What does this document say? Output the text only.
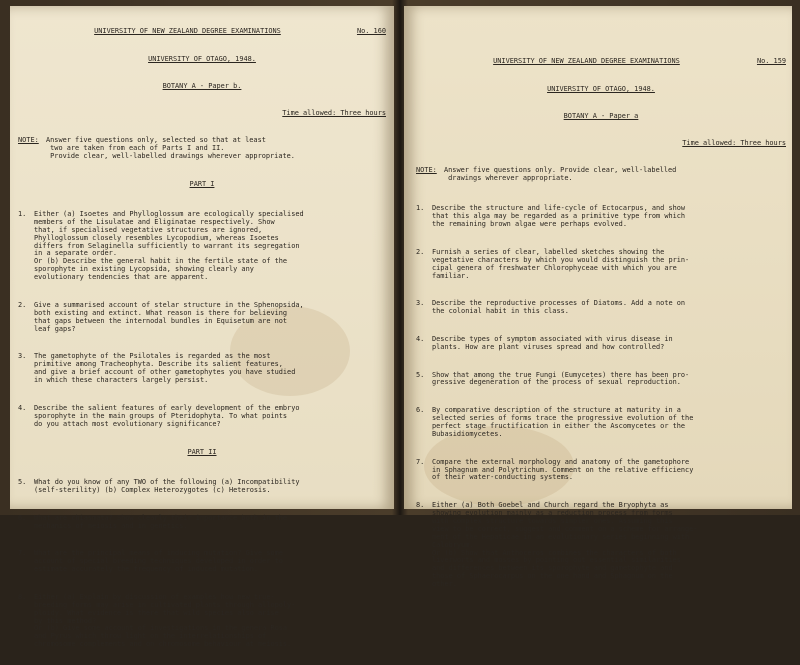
UNIVERSITY OF NEW ZEALAND DEGREE EXAMINATIONS	No. 160

UNIVERSITY OF OTAGO, 1948.

BOTANY A - Paper b.

Time allowed: Three hours

NOTE:	Answer five questions only, selected so that at least
two are taken from each of Parts I and II.
Provide clear, well-labelled drawings wherever appropriate.

PART I

1.	Either (a) Isoetes and Phylloglossum are ecologically specialised
members of the Lisulatae and Eliginatae respectively. Show
that, if specialised vegetative structures are ignored,
Phylloglossum closely resembles Lycopodium, whereas Isoetes
differs from Selaginella sufficiently to warrant its segregation
in a separate order.
Or (b) Describe the general habit in the fertile state of the
sporophyte in existing Lycopsida, showing clearly any
evolutionary tendencies that are apparent.

2.	Give a summarised account of stelar structure in the Sphenopsida,
both existing and extinct. What reason is there for believing
that gaps between the internodal bundles in Equisetum are not
leaf gaps?

3.	The gametophyte of the Psilotales is regarded as the most
primitive among Tracheophyta. Describe its salient features,
and give a brief account of other gametophytes you have studied
in which these characters largely persist.

4.	Describe the salient features of early development of the embryo
sporophyte in the main groups of Pteridophyta. To what points
do you attach most evolutionary significance?

PART II

5.	What do you know of any TWO of the following (a) Incompatibility
(self-sterility) (b) Complex Heterozygotes (c) Heterosis.

6.	What are chiasmata? Show clearly their importance both in the
mechanics of meiosis and in genetics.

7.	What are the principal means of inducing mutation? Give some
account of special breeding techniques developed in order to
estimate accurately the frequency of induced mutation.

8.	Either (a) Explain by discussion of examples how new true-
breeding forms may arise in cultivated plants through allopoly-
ploidy. What evidence is there that wild species also arise
by this method?
Or (b) Give some account of investigations in the genera Rosa
and Pyrus which throw light on the interrelationships of
chromosome complements and on chromosome behaviour at meiosis.

UNIVERSITY OF NEW ZEALAND DEGREE EXAMINATIONS	No. 159

UNIVERSITY OF OTAGO, 1948.

BOTANY A - Paper a

Time allowed: Three hours

NOTE:	Answer five questions only. Provide clear, well-labelled
drawings wherever appropriate.

1.	Describe the structure and life-cycle of Ectocarpus, and show
that this alga may be regarded as a primitive type from which
the remaining brown algae were perhaps evolved.

2.	Furnish a series of clear, labelled sketches showing the
vegetative characters by which you would distinguish the prin-
cipal genera of freshwater Chlorophyceae with which you are
familiar.

3.	Describe the reproductive processes of Diatoms. Add a note on
the colonial habit in this class.

4.	Describe types of symptom associated with virus disease in
plants. How are plant viruses spread and how controlled?

5.	Show that among the true Fungi (Eumycetes) there has been pro-
gressive degeneration of the process of sexual reproduction.

6.	By comparative description of the structure at maturity in a
selected series of forms trace the progressive evolution of the
perfect stage fructification in either the Ascomycetes or the
Bubasidiomycetes.

7.	Compare the external morphology and anatomy of the gametophore
in Sphagnum and Polytrichum. Comment on the relative efficiency
of their water-conducting systems.

8.	Either (a) Both Goebel and Church regard the Bryophyta as
showing evolution mainly as a reduction process from forms
with complex structure towards simpler ones. Assuming this
view to be correct, suggest and comment on a scheme for arrange-
ment of the Hepaticae in an evolutionary series beginning with
Calobryum.
Or (b) Show that Anthoceros combines the characters of both
liverworts and mosses by pointing out essential similarities
and differences between its sporophyte and gametophyte and
those of Sphaerocarpus on the one hand and Sphagnum on the
other.
